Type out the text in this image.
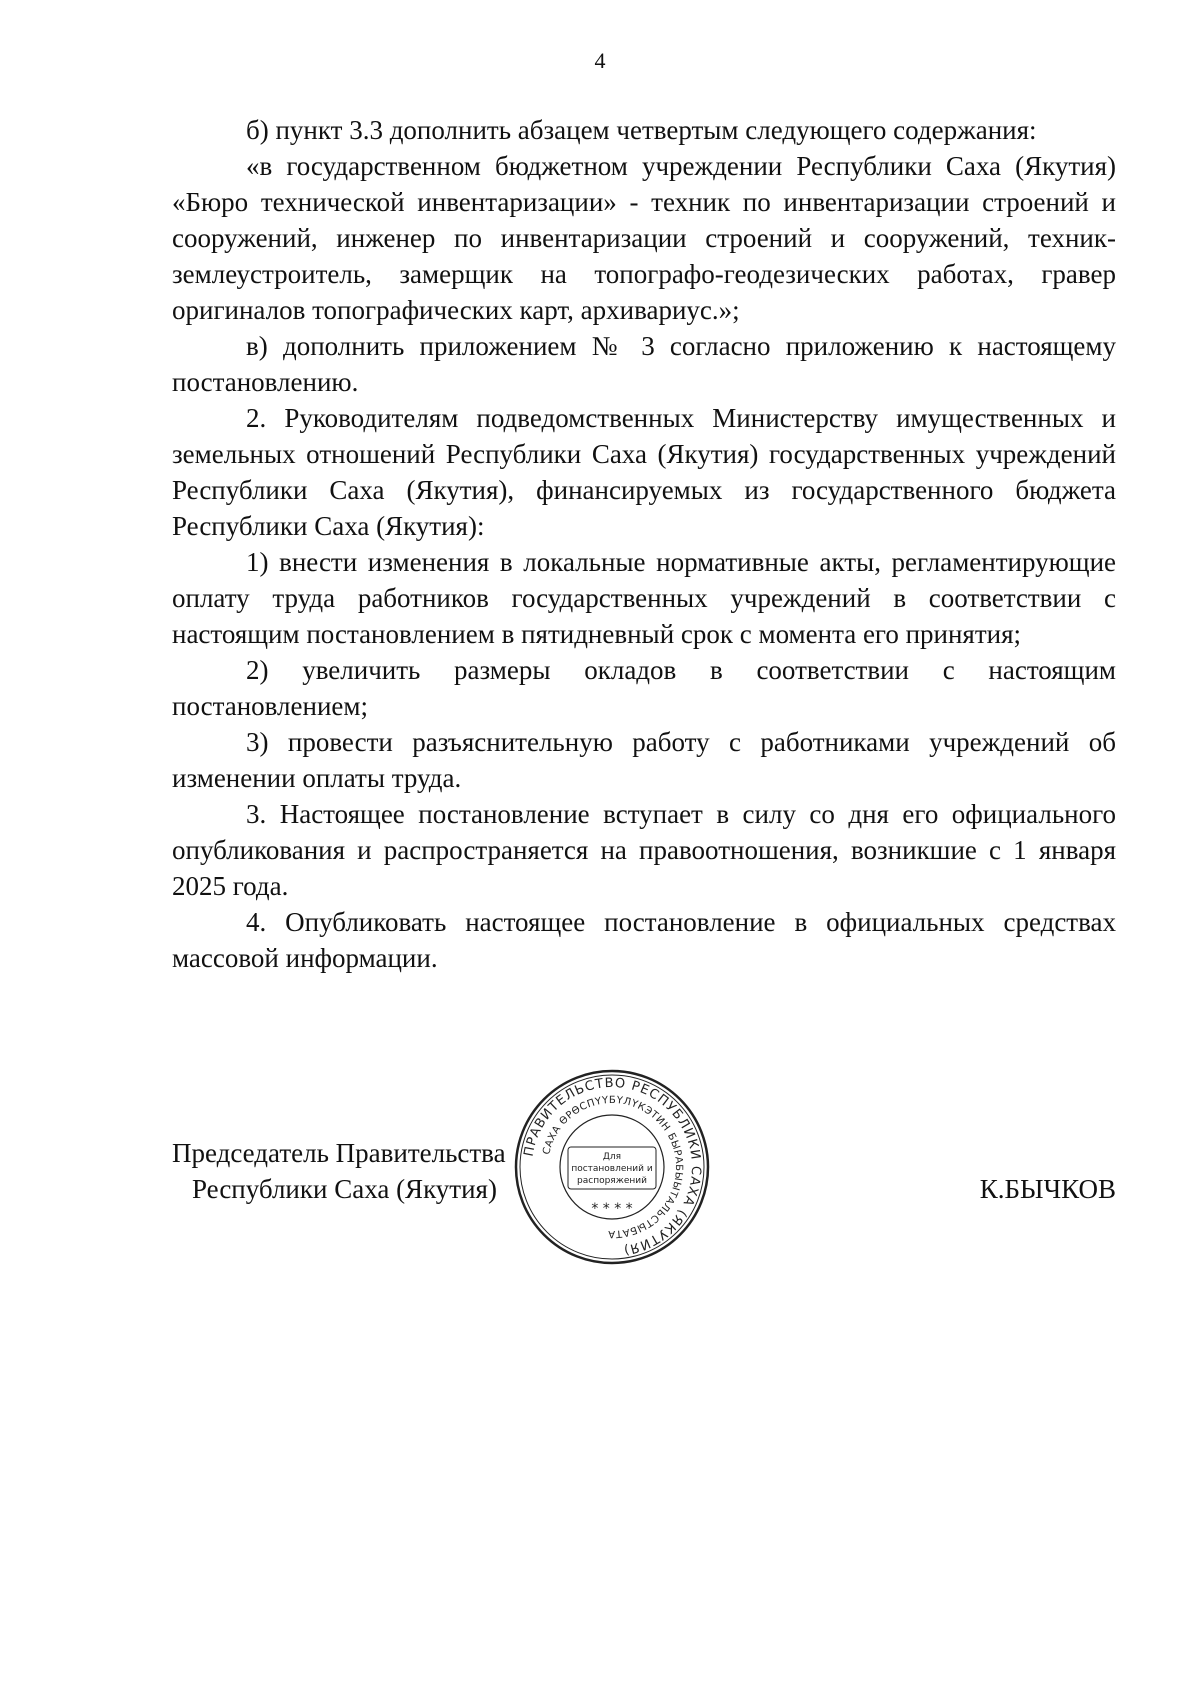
4

б) пункт 3.3 дополнить абзацем четвертым следующего содержания:

«в государственном бюджетном учреждении Республики Саха (Якутия) «Бюро технической инвентаризации» - техник по инвентаризации строений и сооружений, инженер по инвентаризации строений и сооружений, техник-землеустроитель, замерщик на топографо-геодезических работах, гравер оригиналов топографических карт, архивариус.»;

в) дополнить приложением № 3 согласно приложению к настоящему постановлению.

2. Руководителям подведомственных Министерству имущественных и земельных отношений Республики Саха (Якутия) государственных учреждений Республики Саха (Якутия), финансируемых из государственного бюджета Республики Саха (Якутия):

1) внести изменения в локальные нормативные акты, регламентирующие оплату труда работников государственных учреждений в соответствии с настоящим постановлением в пятидневный срок с момента его принятия;

2) увеличить размеры окладов в соответствии с настоящим постановлением;

3) провести разъяснительную работу с работниками учреждений об изменении оплаты труда.

3. Настоящее постановление вступает в силу со дня его официального опубликования и распространяется на правоотношения, возникшие с 1 января 2025 года.

4. Опубликовать настоящее постановление в официальных средствах массовой информации.

Председатель Правительства
Республики Саха (Якутия)	К.БЫЧКОВ
ПРАВИТЕЛЬСТВО РЕСПУБЛИКИ САХА (ЯКУТИЯ)
САХА ӨРӨСПҮҮБҮЛҮКЭТИН БЫРАБЫЫТАЛЬСТЫБАТА
Для
постановлений и
распоряжений
* * * *
